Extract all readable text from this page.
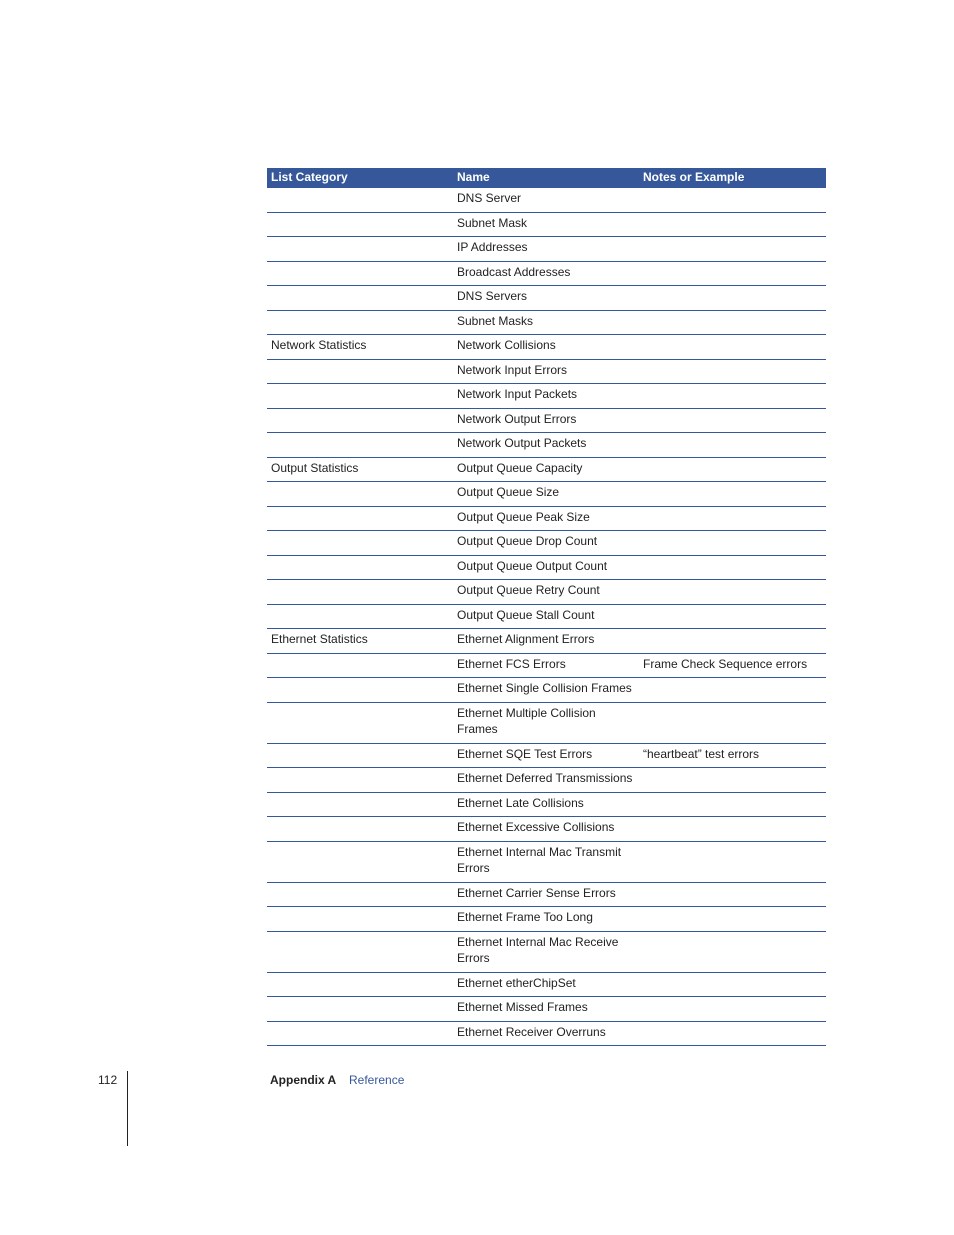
List Category	Name	Notes or Example
	DNS Server	
	Subnet Mask	
	IP Addresses	
	Broadcast Addresses	
	DNS Servers	
	Subnet Masks	
Network Statistics	Network Collisions	
	Network Input Errors	
	Network Input Packets	
	Network Output Errors	
	Network Output Packets	
Output Statistics	Output Queue Capacity	
	Output Queue Size	
	Output Queue Peak Size	
	Output Queue Drop Count	
	Output Queue Output Count	
	Output Queue Retry Count	
	Output Queue Stall Count	
Ethernet Statistics	Ethernet Alignment Errors	
	Ethernet FCS Errors	Frame Check Sequence errors
	Ethernet Single Collision Frames	
	Ethernet Multiple Collision Frames	
	Ethernet SQE Test Errors	“heartbeat” test errors
	Ethernet Deferred Transmissions	
	Ethernet Late Collisions	
	Ethernet Excessive Collisions	
	Ethernet Internal Mac Transmit Errors	
	Ethernet Carrier Sense Errors	
	Ethernet Frame Too Long	
	Ethernet Internal Mac Receive Errors	
	Ethernet etherChipSet	
	Ethernet Missed Frames	
	Ethernet Receiver Overruns	
112	Appendix A Reference
